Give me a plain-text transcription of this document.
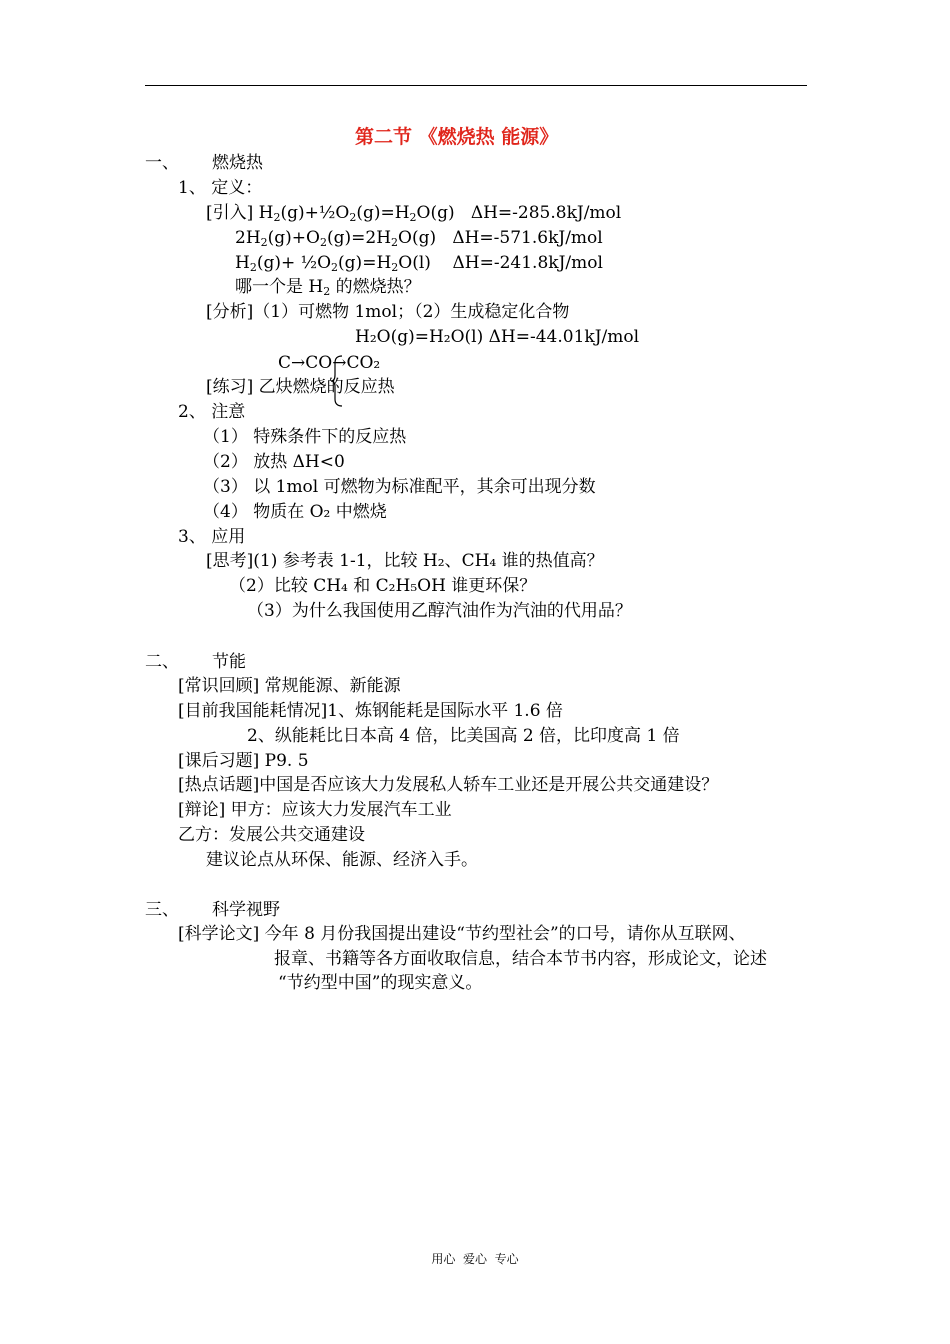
第二节 《燃烧热 能源》
一、 燃烧热
1、 定义：
[引入] $H_2(g)+\frac{1}{2}O_2(g)=H_2O(g)$   ΔH=-285.8kJ/mol
$2H_2(g)+O_2(g)=2H_2O(g)$   ΔH=-571.6kJ/mol
$H_2(g)+$ $\frac{1}{2}O_2(g)=H_2O(l)$    ΔH=-241.8kJ/mol
哪一个是 $H_2$ 的燃烧热？
[分析]（1）可燃物 1mol；（2）生成稳定化合物
H₂O(g)=H₂O(l) ΔH=-44.01kJ/mol
C→CO→CO₂
[练习] 乙炔燃烧的反应热
2、 注意
（1） 特殊条件下的反应热
（2） 放热 ΔH<0
（3） 以 1mol 可燃物为标准配平，其余可出现分数
（4） 物质在 O₂ 中燃烧
3、 应用
[思考](1) 参考表 1-1，比较 H₂、CH₄ 谁的热值高？
（2）比较 CH₄ 和 C₂H₅OH 谁更环保？
（3）为什么我国使用乙醇汽油作为汽油的代用品？
二、 节能
[常识回顾] 常规能源、新能源
[目前我国能耗情况]1、炼钢能耗是国际水平 1.6 倍
2、纵能耗比日本高 4 倍，比美国高 2 倍，比印度高 1 倍
[课后习题] P9. 5
[热点话题]中国是否应该大力发展私人轿车工业还是开展公共交通建设？
[辩论] 甲方：应该大力发展汽车工业
乙方：发展公共交通建设
建议论点从环保、能源、经济入手。
三、 科学视野
[科学论文] 今年 8 月份我国提出建设“节约型社会”的口号，请你从互联网、
报章、书籍等各方面收取信息，结合本节书内容，形成论文，论述
“节约型中国”的现实意义。
用心  爱心  专心
